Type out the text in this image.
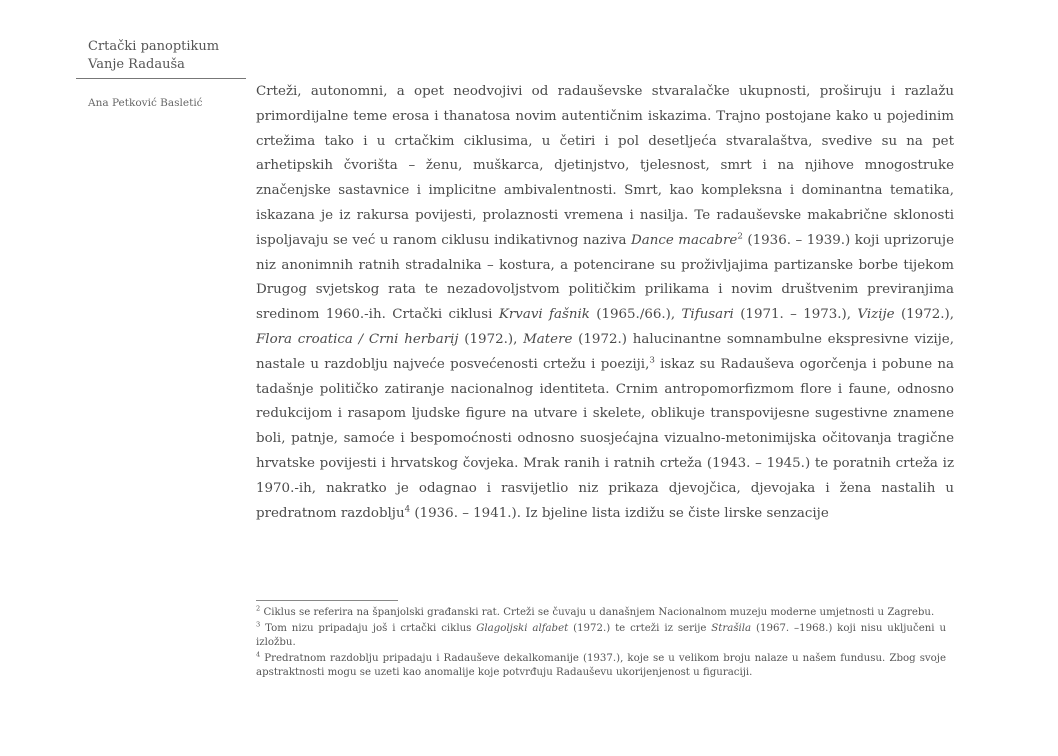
Crtački panoptikum
Vanje Radauša
Ana Petković Basletić

Crteži, autonomni, a opet neodvojivi od radauševske stvaralačke ukupnosti, proširuju i razlažu primordijalne teme erosa i thanatosa novim autentičnim iskazima. Trajno postojane kako u pojedinim crtežima tako i u crtačkim ciklusima, u četiri i pol desetljeća stvaralaštva, svedive su na pet arhetipskih čvorišta – ženu, muškarca, djetinjstvo, tjelesnost, smrt i na njihove mnogostruke značenjske sastavnice i implicitne ambivalentnosti. Smrt, kao kompleksna i dominantna tematika, iskazana je iz rakursa povijesti, prolaznosti vremena i nasilja. Te radauševske makabrične sklonosti ispoljavaju se već u ranom ciklusu indikativnog naziva Dance macabre$^2$ (1936. – 1939.) koji uprizoruje niz anonimnih ratnih stradalnika – kostura, a potencirane su proživljajima partizanske borbe tijekom Drugog svjetskog rata te nezadovoljstvom političkim prilikama i novim društvenim previranjima sredinom 1960.-ih. Crtački ciklusi Krvavi fašnik (1965./66.), Tifusari (1971. – 1973.), Vizije (1972.), Flora croatica / Crni herbarij (1972.), Matere (1972.) halucinantne somnambulne ekspresivne vizije, nastale u razdoblju najveće posvećenosti crtežu i poeziji,$^3$ iskaz su Radauševa ogorčenja i pobune na tadašnje političko zatiranje nacionalnog identiteta. Crnim antropomorfizmom flore i faune, odnosno redukcijom i rasapom ljudske figure na utvare i skelete, oblikuje transpovijesne sugestivne znamene boli, patnje, samoće i bespomoćnosti odnosno suosjećajna vizualno-metonimijska očitovanja tragične hrvatske povijesti i hrvatskog čovjeka. Mrak ranih i ratnih crteža (1943. – 1945.) te poratnih crteža iz 1970.-ih, nakratko je odagnao i rasvijetlio niz prikaza djevojčica, djevojaka i žena nastalih u predratnom razdoblju$^4$ (1936. – 1941.). Iz bjeline lista izdižu se čiste lirske senzacije

$^2$ Ciklus se referira na španjolski građanski rat. Crteži se čuvaju u današnjem Nacionalnom muzeju moderne umjetnosti u Zagrebu.

$^3$ Tom nizu pripadaju još i crtački ciklus Glagoljski alfabet (1972.) te crteži iz serije Strašila (1967. –1968.) koji nisu uključeni u izložbu.

$^4$ Predratnom razdoblju pripadaju i Radauševe dekalkomanije (1937.), koje se u velikom broju nalaze u našem fundusu. Zbog svoje apstraktnosti mogu se uzeti kao anomalije koje potvrđuju Radauševu ukorijenjenost u figuraciji.
